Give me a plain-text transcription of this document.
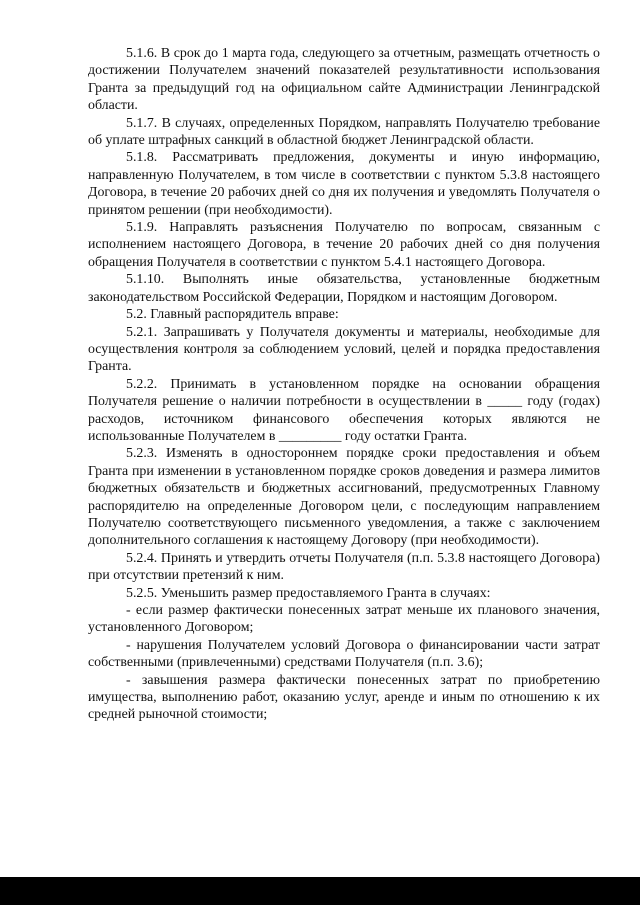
5.1.6. В срок до 1 марта года, следующего за отчетным, размещать отчетность о достижении Получателем значений показателей результативности использования Гранта за предыдущий год на официальном сайте Администрации Ленинградской области.

5.1.7. В случаях, определенных Порядком, направлять Получателю требование об уплате штрафных санкций в областной бюджет Ленинградской области.

5.1.8. Рассматривать предложения, документы и иную информацию, направленную Получателем, в том числе в соответствии с пунктом 5.3.8 настоящего Договора, в течение 20 рабочих дней со дня их получения и уведомлять Получателя о принятом решении (при необходимости).

5.1.9. Направлять разъяснения Получателю по вопросам, связанным с исполнением настоящего Договора, в течение 20 рабочих дней со дня получения обращения Получателя в соответствии с пунктом 5.4.1 настоящего Договора.

5.1.10. Выполнять иные обязательства, установленные бюджетным законодательством Российской Федерации, Порядком и настоящим Договором.

5.2. Главный распорядитель вправе:

5.2.1. Запрашивать у Получателя документы и материалы, необходимые для осуществления контроля за соблюдением условий, целей и порядка предоставления Гранта.

5.2.2. Принимать в установленном порядке на основании обращения Получателя решение о наличии потребности в осуществлении в _____ году (годах) расходов, источником финансового обеспечения которых являются не использованные Получателем в _________ году остатки Гранта.

5.2.3. Изменять в одностороннем порядке сроки предоставления и объем Гранта при изменении в установленном порядке сроков доведения и размера лимитов бюджетных обязательств и бюджетных ассигнований, предусмотренных Главному распорядителю на определенные Договором цели, с последующим направлением Получателю соответствующего письменного уведомления, а также с заключением дополнительного соглашения к настоящему Договору (при необходимости).

5.2.4. Принять и утвердить отчеты Получателя (п.п. 5.3.8 настоящего Договора) при отсутствии претензий к ним.

5.2.5. Уменьшить размер предоставляемого Гранта в случаях:

- если размер фактически понесенных затрат меньше их планового значения, установленного Договором;

- нарушения Получателем условий Договора о финансировании части затрат собственными (привлеченными) средствами Получателя (п.п. 3.6);

- завышения размера фактически понесенных затрат по приобретению имущества, выполнению работ, оказанию услуг, аренде и иным по отношению к их средней рыночной стоимости;
